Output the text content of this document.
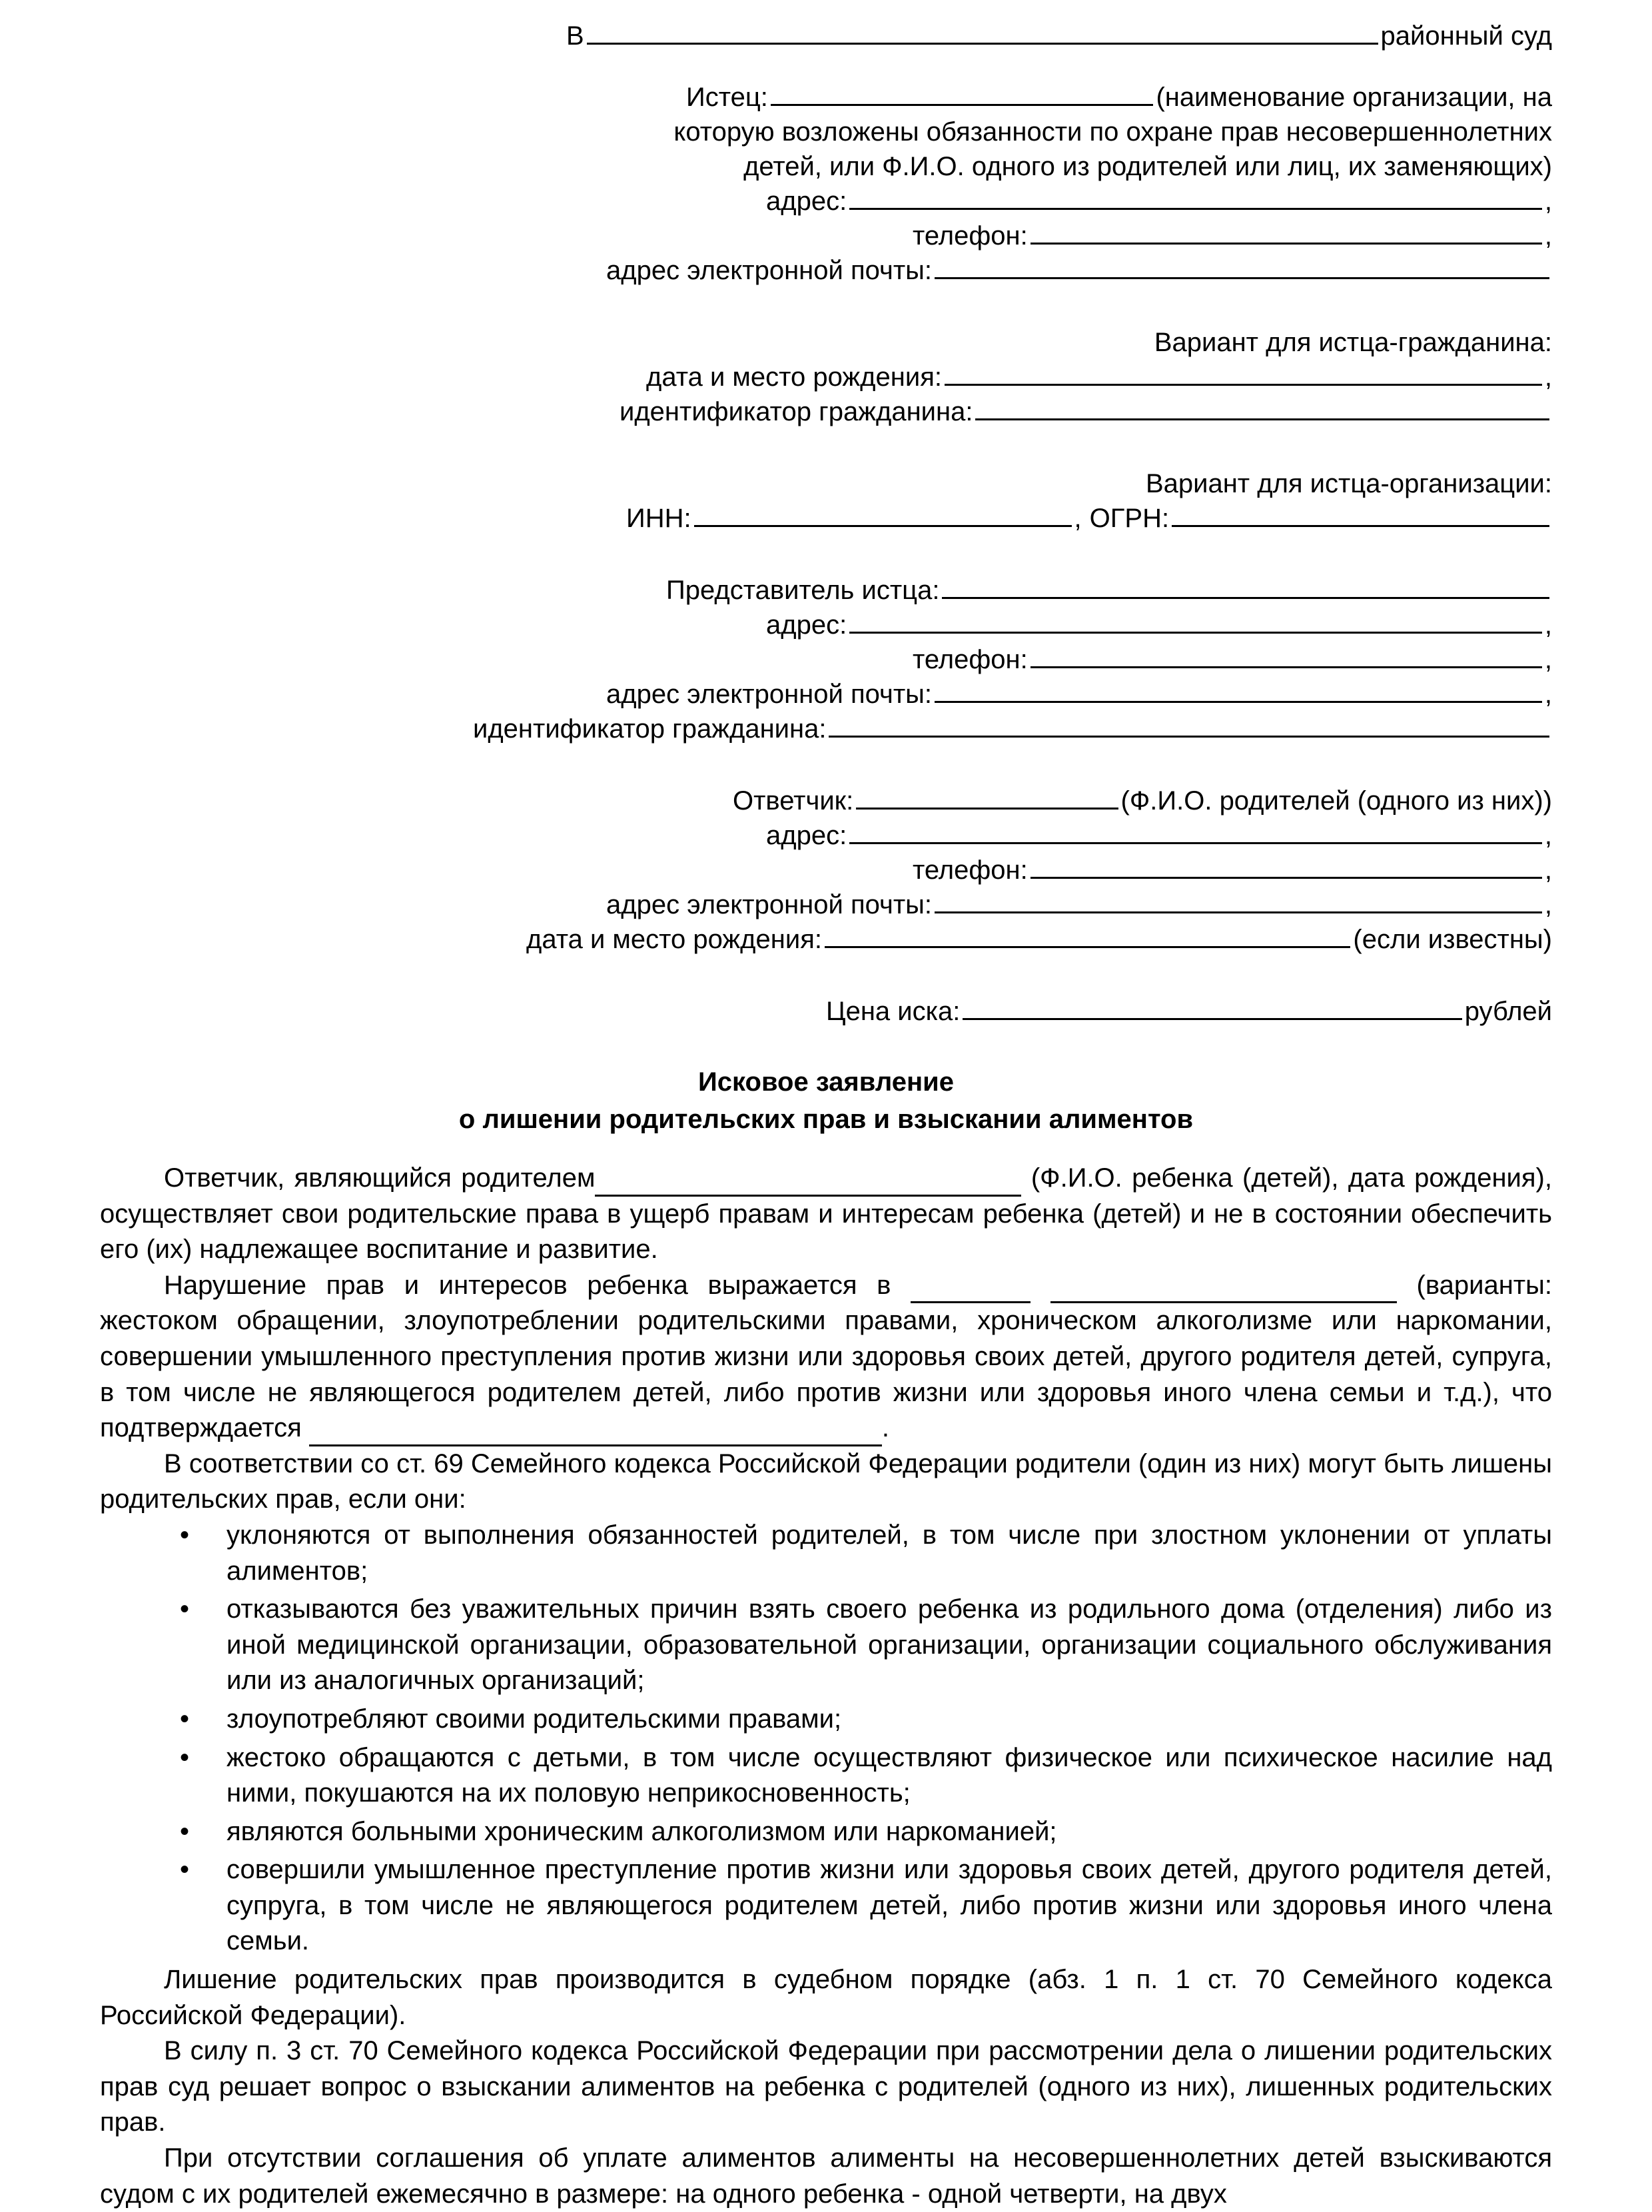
В	районный суд
Истец:	(наименование организации, на
которую возложены обязанности по охране прав несовершеннолетних
детей, или Ф.И.О. одного из родителей или лиц, их заменяющих)
адрес:	,
телефон:	,
адрес электронной почты:
Вариант для истца-гражданина:
дата и место рождения:	,
идентификатор гражданина:
Вариант для истца-организации:
ИНН:	, ОГРН:
Представитель истца:
адрес:	,
телефон:	,
адрес электронной почты:	,
идентификатор гражданина:
Ответчик:	(Ф.И.О. родителей (одного из них))
адрес:	,
телефон:	,
адрес электронной почты:	,
дата и место рождения:	(если известны)
Цена иска:	рублей
Исковое заявление
о лишении родительских прав и взыскании алиментов

Ответчик, являющийся родителем	(Ф.И.О. ребенка (детей), дата рождения), осуществляет свои родительские права в ущерб правам и интересам ребенка (детей) и не в состоянии обеспечить его (их) надлежащее воспитание и развитие.

Нарушение прав и интересов ребенка выражается в	(варианты: жестоком обращении, злоупотреблении родительскими правами, хроническом алкоголизме или наркомании, совершении умышленного преступления против жизни или здоровья своих детей, другого родителя детей, супруга, в том числе не являющегося родителем детей, либо против жизни или здоровья иного члена семьи и т.д.), что подтверждается	.

В соответствии со ст. 69 Семейного кодекса Российской Федерации родители (один из них) могут быть лишены родительских прав, если они:

• уклоняются от выполнения обязанностей родителей, в том числе при злостном уклонении от уплаты алиментов;
• отказываются без уважительных причин взять своего ребенка из родильного дома (отделения) либо из иной медицинской организации, образовательной организации, организации социального обслуживания или из аналогичных организаций;
• злоупотребляют своими родительскими правами;
• жестоко обращаются с детьми, в том числе осуществляют физическое или психическое насилие над ними, покушаются на их половую неприкосновенность;
• являются больными хроническим алкоголизмом или наркоманией;
• совершили умышленное преступление против жизни или здоровья своих детей, другого родителя детей, супруга, в том числе не являющегося родителем детей, либо против жизни или здоровья иного члена семьи.

Лишение родительских прав производится в судебном порядке (абз. 1 п. 1 ст. 70 Семейного кодекса Российской Федерации).

В силу п. 3 ст. 70 Семейного кодекса Российской Федерации при рассмотрении дела о лишении родительских прав суд решает вопрос о взыскании алиментов на ребенка с родителей (одного из них), лишенных родительских прав.

При отсутствии соглашения об уплате алиментов алименты на несовершеннолетних детей взыскиваются судом с их родителей ежемесячно в размере: на одного ребенка - одной четверти, на двух
